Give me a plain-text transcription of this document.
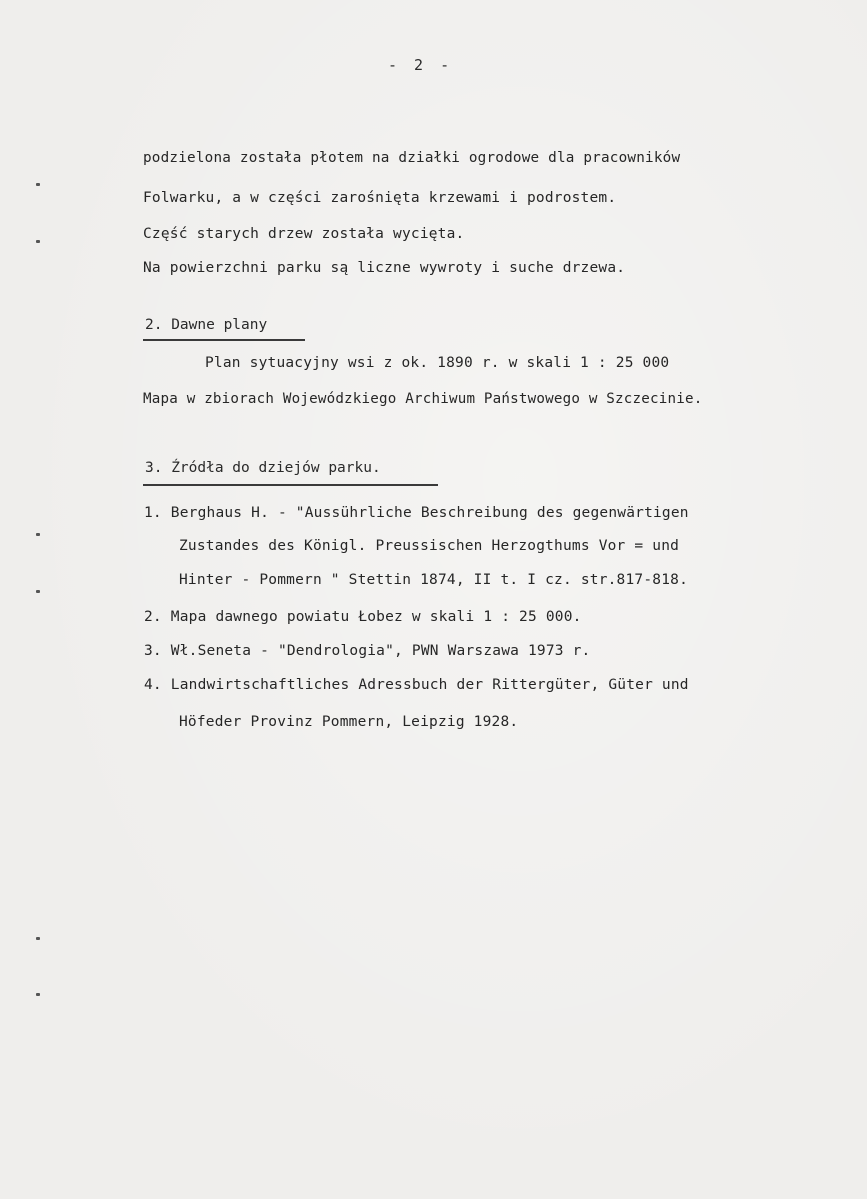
- 2 -
podzielona została płotem na działki ogrodowe dla pracowników
Folwarku, a w części zarośnięta krzewami i podrostem.
Część starych drzew została wycięta.
Na powierzchni parku są liczne wywroty i suche drzewa.
2. Dawne plany
Plan sytuacyjny wsi z ok. 1890 r. w skali 1 : 25 000
Mapa w zbiorach Wojewódzkiego Archiwum Państwowego w Szczecinie.
3. Źródła do dziejów parku.
1. Berghaus H. - "Aussührliche Beschreibung des gegenwärtigen
Zustandes des Königl. Preussischen Herzogthums Vor = und
Hinter - Pommern " Stettin 1874, II t. I cz. str.817-818.
2. Mapa dawnego powiatu Łobez w skali 1 : 25 000.
3. Wł.Seneta - "Dendrologia", PWN Warszawa 1973 r.
4. Landwirtschaftliches Adressbuch der Rittergüter, Güter und
Höfeder Provinz Pommern, Leipzig 1928.
